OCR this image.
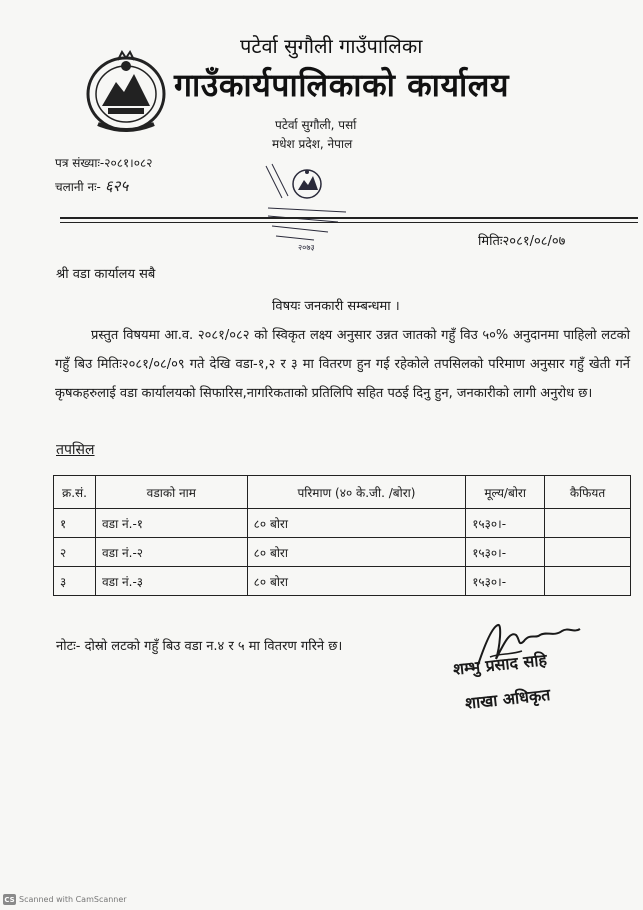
पटेर्वा सुगौली गाउँपालिका
गाउँकार्यपालिकाको कार्यालय
पटेर्वा सुगौली, पर्सा
मधेश प्रदेश, नेपाल
पत्र संख्याः-२०८१।०८२
चलानी नः- ६२५
२०७३	मितिः२०८१/०८/०७
श्री वडा कार्यालय सबै
विषयः जनकारी सम्बन्धमा ।
प्रस्तुत विषयमा आ.व. २०८१/०८२ को स्विकृत लक्ष्य अनुसार उन्नत जातको गहुँ विउ ५०% अनुदानमा पाहिलो लटको गहुँ बिउ मितिः२०८१/०८/०९ गते देखि वडा-१,२ र ३ मा वितरण हुन गई रहेकोले तपसिलको परिमाण अनुसार गहुँ खेती गर्ने कृषकहरुलाई वडा कार्यालयको सिफारिस,नागरिकताको प्रतिलिपि सहित पठई दिनु हुन, जनकारीको लागी अनुरोध छ।
तपसिल
क्र.सं.	वडाको नाम	परिमाण (४० के.जी. /बोरा)	मूल्य/बोरा	कैफियत
१	वडा नं.-१	८० बोरा	१५३०।-	
२	वडा नं.-२	८० बोरा	१५३०।-	
३	वडा नं.-३	८० बोरा	१५३०।-	
नोटः- दोस्रो लटको गहुँ बिउ वडा न.४ र ५ मा वितरण गरिने छ।
शम्भु प्रसाद सहि
शाखा अधिकृत
CS Scanned with CamScanner
